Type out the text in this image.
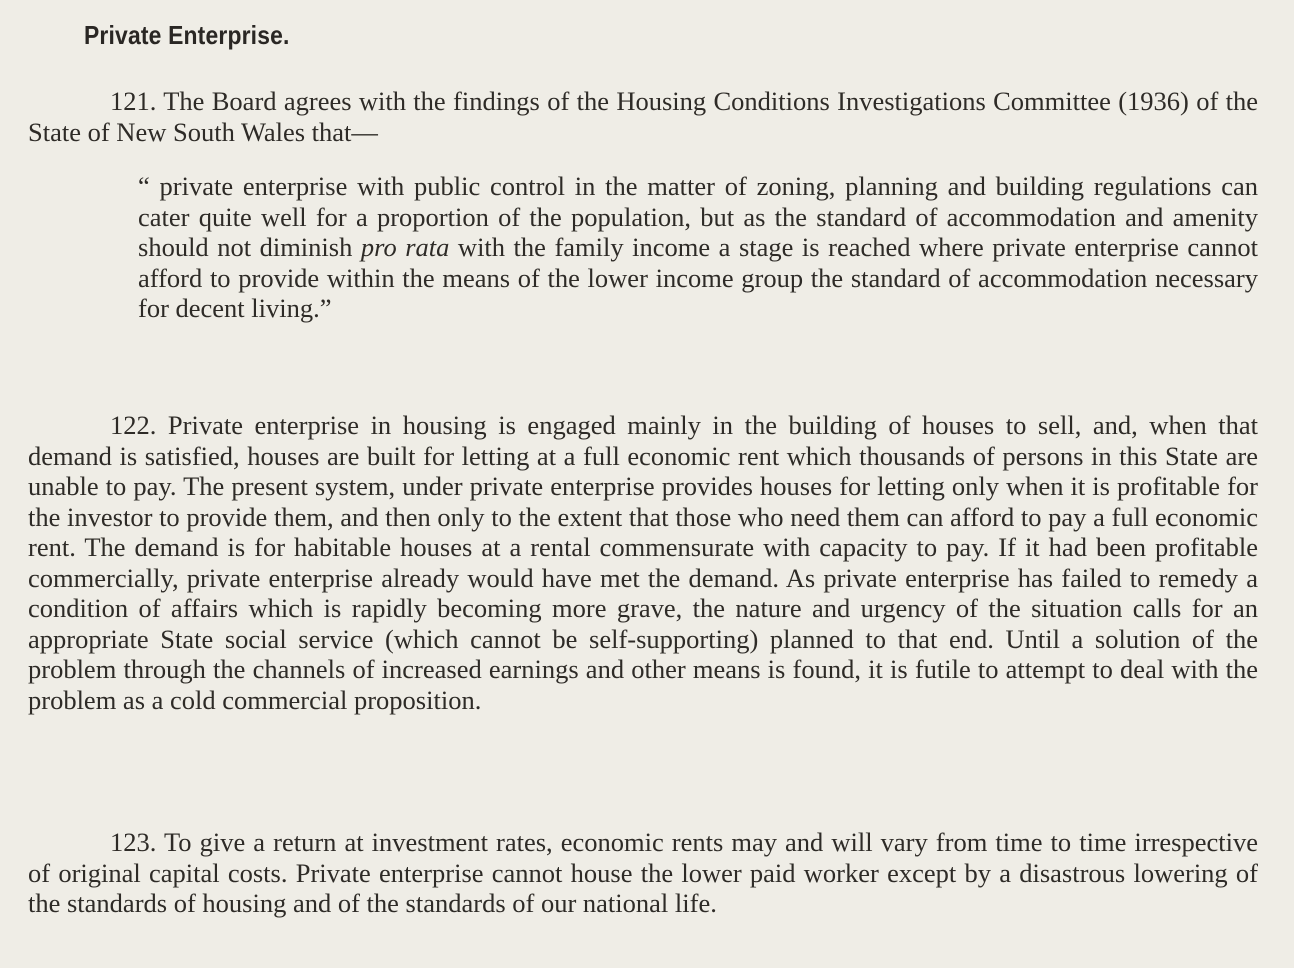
Private Enterprise.

121. The Board agrees with the findings of the Housing Conditions Investigations Committee (1936) of the State of New South Wales that—

“ private enterprise with public control in the matter of zoning, planning and building regulations can cater quite well for a proportion of the population, but as the standard of accommodation and amenity should not diminish pro rata with the family income a stage is reached where private enterprise cannot afford to provide within the means of the lower income group the standard of accommodation necessary for decent living.”

122. Private enterprise in housing is engaged mainly in the building of houses to sell, and, when that demand is satisfied, houses are built for letting at a full economic rent which thousands of persons in this State are unable to pay. The present system, under private enterprise provides houses for letting only when it is profitable for the investor to provide them, and then only to the extent that those who need them can afford to pay a full economic rent. The demand is for habitable houses at a rental commensurate with capacity to pay. If it had been profitable commercially, private enterprise already would have met the demand. As private enterprise has failed to remedy a condition of affairs which is rapidly becoming more grave, the nature and urgency of the situation calls for an appropriate State social service (which cannot be self-supporting) planned to that end. Until a solution of the problem through the channels of increased earnings and other means is found, it is futile to attempt to deal with the problem as a cold commercial proposition.

123. To give a return at investment rates, economic rents may and will vary from time to time irrespective of original capital costs. Private enterprise cannot house the lower paid worker except by a disastrous lowering of the standards of housing and of the standards of our national life.
